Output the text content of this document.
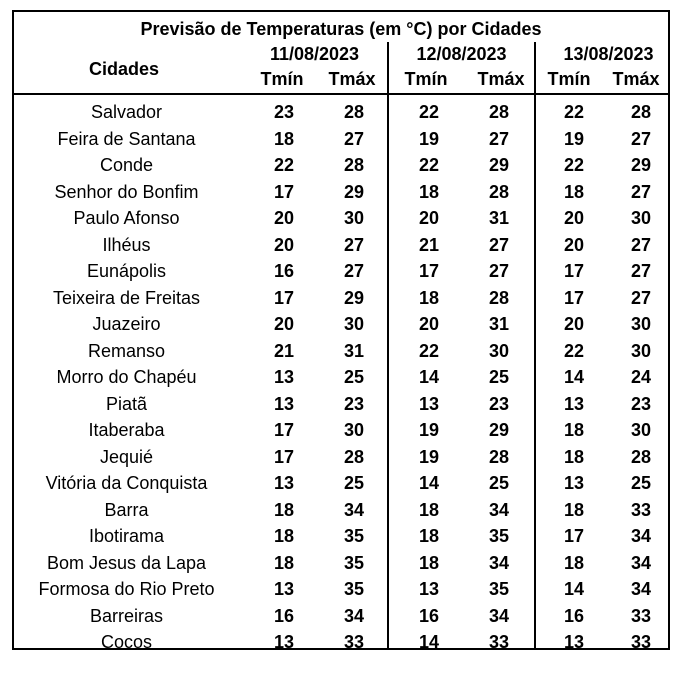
Previsão de Temperaturas (em °C) por Cidades
Cidades
11/08/2023	12/08/2023	13/08/2023
Tmín	Tmáx	Tmín	Tmáx	Tmín	Tmáx
Salvador	23	28	22	28	22	28
Feira de Santana	18	27	19	27	19	27
Conde	22	28	22	29	22	29
Senhor do Bonfim	17	29	18	28	18	27
Paulo Afonso	20	30	20	31	20	30
Ilhéus	20	27	21	27	20	27
Eunápolis	16	27	17	27	17	27
Teixeira de Freitas	17	29	18	28	17	27
Juazeiro	20	30	20	31	20	30
Remanso	21	31	22	30	22	30
Morro do Chapéu	13	25	14	25	14	24
Piatã	13	23	13	23	13	23
Itaberaba	17	30	19	29	18	30
Jequié	17	28	19	28	18	28
Vitória da Conquista	13	25	14	25	13	25
Barra	18	34	18	34	18	33
Ibotirama	18	35	18	35	17	34
Bom Jesus da Lapa	18	35	18	34	18	34
Formosa do Rio Preto	13	35	13	35	14	34
Barreiras	16	34	16	34	16	33
Cocos	13	33	14	33	13	33
